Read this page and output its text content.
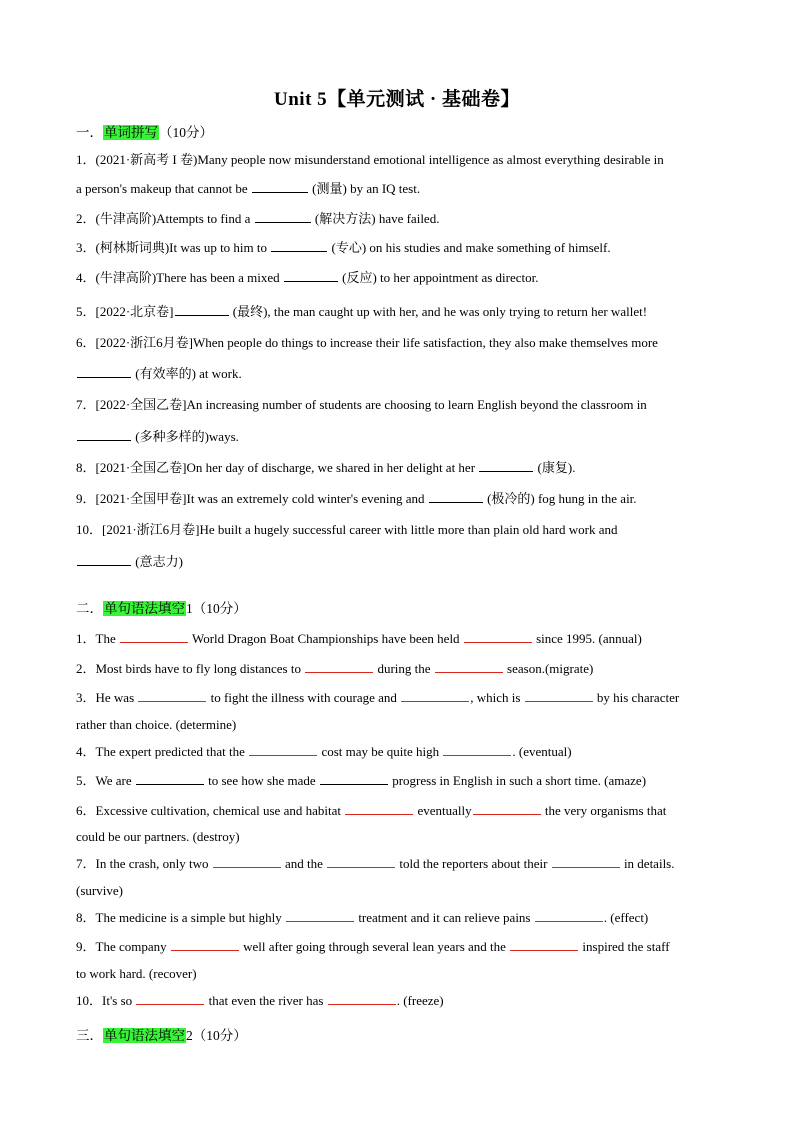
Unit 5【单元测试 · 基础卷】
一．单词拼写（10分）
1．(2021·新高考 I 卷)Many people now misunderstand emotional intelligence as almost everything desirable in
a person's makeup that cannot be	(测量) by an IQ test.
2．(牛津高阶)Attempts to find a	(解决方法) have failed.
3．(柯林斯词典)It was up to him to	(专心) on his studies and make something of himself.
4．(牛津高阶)There has been a mixed	(反应) to her appointment as director.
5．[2022·北京卷]	(最终), the man caught up with her, and he was only trying to return her wallet!
6．[2022·浙江6月卷]When people do things to increase their life satisfaction, they also make themselves more
(有效率的) at work.
7．[2022·全国乙卷]An increasing number of students are choosing to learn English beyond the classroom in
(多种多样的)ways.
8．[2021·全国乙卷]On her day of discharge, we shared in her delight at her	(康复).
9．[2021·全国甲卷]It was an extremely cold winter's evening and	(极冷的) fog hung in the air.
10．[2021·浙江6月卷]He built a hugely successful career with little more than plain old hard work and
(意志力)
二．单句语法填空1（10分）
1．The	World Dragon Boat Championships have been held	since 1995. (annual)
2．Most birds have to fly long distances to	during the	season.(migrate)
3．He was	to fight the illness with courage and	, which is	by his character
rather than choice. (determine)
4．The expert predicted that the	cost may be quite high	. (eventual)
5．We are	to see how she made	progress in English in such a short time. (amaze)
6．Excessive cultivation, chemical use and habitat	eventually	the very organisms that
could be our partners. (destroy)
7．In the crash, only two	and the	told the reporters about their	in details.
(survive)
8．The medicine is a simple but highly	treatment and it can relieve pains	. (effect)
9．The company	well after going through several lean years and the	inspired the staff
to work hard. (recover)
10．It's so	that even the river has	. (freeze)
三．单句语法填空2（10分）
